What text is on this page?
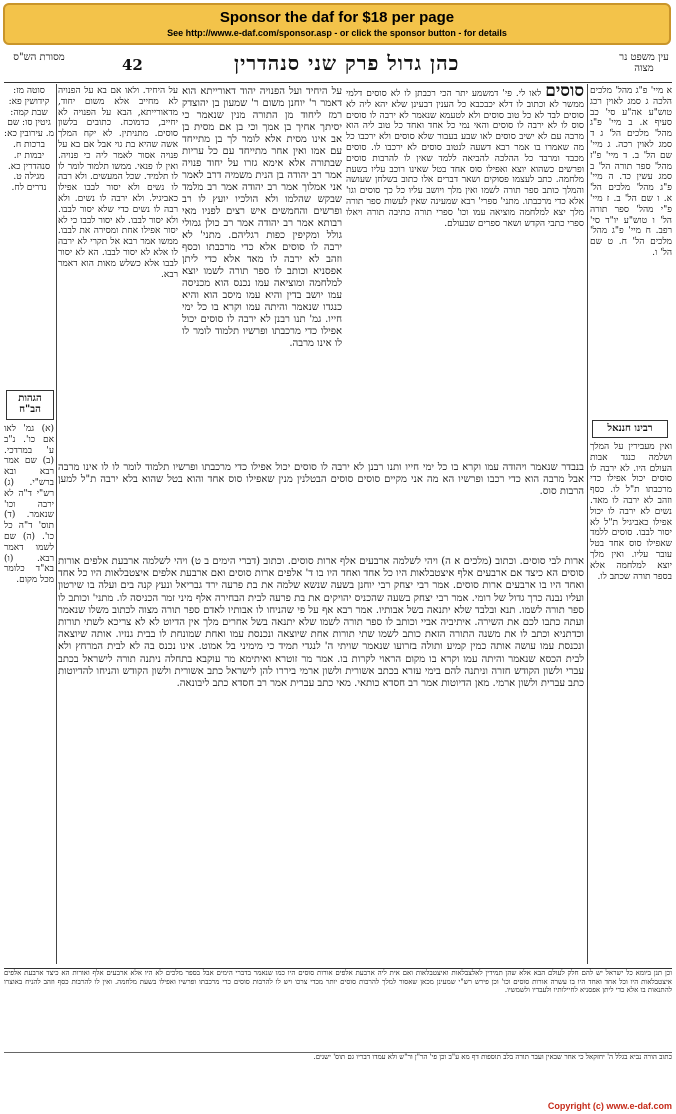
Sponsor the daf for $18 per page
See http://www.e-daf.com/sponsor.asp - or click the sponsor button - for details
עין משפט נר מצוה
42	כהן גדול פרק שני סנהדרין
מסורת הש"ס

א מיי' פ"ג מהל' מלכים הלכה ג סמג לאוין רכג טוש"ע אה"ע סי' כב סעיף א. ב מיי' פ"ג מהל' מלכים הל' ג ד סמג לאוין רכה. ג מיי' שם הל' ב. ד מיי' פ"ז מהל' ספר תורה הל' ב סמג עשין כד. ה מיי' פ"ג מהל' מלכים הל' א. ו שם הל' ב. ז מיי' פ"י מהל' ספר תורה הל' ו טוש"ע יו"ד סי' רפב. ח מיי' פ"ג מהל' מלכים הל' ח. ט שם הל' ו.

רבינו חננאל

ואין מעבירין על המלך ושלמה כנגד אבות העולם היו. לא ירבה לו סוסים יכול אפילו כדי מרכבתו ת"ל לו. כסף וזהב לא ירבה לו מאד. נשים לא ירבה לו יכול אפילו כאביגיל ת"ל לא יסור לבבו. סוסים ללמד שאפילו סוס אחד בטל עובר עליו. ואין מלך יוצא למלחמה אלא בספר תורה שכתב לו.

סוסים לאו לי. פי' דמשמע יתר הכי רכבתן לו לא סוסים דלמי ממשר לא וכתוב לו דלא יכבכבא כל הענין דבעינן שלא יהא ליה לא סוסים לבד לא כל טוב סוסים ולא לטעמא שנאמר לא ירבה לו סוסים סוס לו לא ירבה לו סוסים והאי נמי כל אחד ואחד כל טוב ליה הוא מרבה עם לא ישיב סוסים לאו שבע בעבור שלא סוסים ולא ירכבו כל מה שאמרו בו אמר רבא דשעה לנטוב סוסים לא ירכבו לו. סוסים מכבד ומרבד כל ההלכה להביאה ללמד שאין לו להרבות סוסים ופרשים כשהוא יוצא ואפילו סוס אחד בטל שאינו רוכב עליו בשעת מלחמה. כתב לעצמו פסוקים ושאר דברים אלו כתוב בשלחן שעושה והמלך כותב ספר תורה לשמו ואין מלך ויושב עליו כל כך סוסים וגו' אלא כדי מרכבתו. מתני' ספרי' רבא שמעינה שאין לעשות ספר תורה מלך יצא למלחמה מוציאה עמו וכו' ספרי תורה כתיבה תורה ויאלו ספרי כתבי הקדש ושאר ספרים שבעולם.

על היחיד ועל הפנויה יהוד דאורייתא הוא דאמר ר' יוחנן משום ר' שמעון בן יהוצדק רמז ליחוד מן התורה מנין שנאמר כי יסיתך אחיך בן אמך וכי בן אם מסית בן אב אינו מסית אלא לומר לך בן מתייחד עם אמו ואין אחר מתייחד עם כל עריות שבתורה אלא אימא גזרו על יחוד פנויה אמר רב יהודה בן הנית משמיה דרב לאמר אני אמלוך אמר רב יהודה אמר רב מלמד שבקש שהלמו ולא הולכיו יועץ לו רב ופרשים והחמשים איש רצים לפניו מאי רבותא אמר רב יהודה אמר רב כולן גמולי גולל ומקיפין כפות רגליהם. מתני' לא ירבה לו סוסים אלא כדי מרכבתו וכסף וזהב לא ירבה לו מאד אלא כדי ליתן אפסניא וכותב לו ספר תורה לשמו יוצא למלחמה ומוציאה עמו נכנס הוא מכניסה עמו יושב בדין והיא עמו מיסב הוא והיא כנגדו שנאמר והיתה עמו וקרא בו כל ימי חייו. גמ' תנו רבנן לא ירבה לו סוסים יכול אפילו כדי מרכבתו ופרשיו תלמוד לומר לו לו אינו מרבה.

על היחיד. ולאו אם בא על הפנויה לא מחייב אלא משום יחוד, מדאורייתא, הבא על הפנויה לא יחייב, כדמוכח. כתובים בלשון סוסים. מתניתין. לא יקח המלך אשה שהיא בת גוי אבל אם בא על פנויה אסור לאמר ליה כי פנויה. ואין לו פנאי. ממשו תלמוד לומר לו לו תלמיד. שכל המעשים. ולא רבה לו נשים ולא יסור לבבו אפילו כאביגיל. ולא ירבה לו נשים. ולא רבה לו נשים כדי שלא יסור לבבו. ולא יסור לבבו. לא יסור לבבו כי לא יסור אפילו אחת ומסירה את לבבו. ממשו אמר רבא אל תקרי לא ירבה לו אלא לא יסור לבבו. הא לא יסור לבבו אלא כשלש מאות הוא דאמר רבא.

סוטה מז: קידושין פא: שבת קמה: גיטין סו: שם מ. עירובין כא: ברכות ח. יבמות יז. סנהדרין כא. מגילה ט. נדרים לח.

הגהות הב"ח

(א) גמ' לאו אם כו'. נ"ב ע' במרדכי. (ב) שם אמר רבא ובא ברש"י. (ג) רש"י ד"ה לא ירבה וכו' שנאמר. (ד) תוס' ד"ה כל כו'. (ה) שם לשמו דאמר רבא. (ו) בא"ד כלומר מכל מקום.

בנבדר שנאמר ויהודה עמו וקרא בו כל ימי חייו ותנו רבנן לא ירבה לו סוסים יכול אפילו כדי מרכבתו ופרשיו תלמוד לומר לו לו אינו מרבה אבל מרבה הוא כדי רכבו ופרשיו הא מה אני מקיים סוסים סוסים הבטלנין מנין שאפילו סוס אחד והוא בטל שהוא בלא ירבה ת"ל למען הרבות סוס.

ארות לבי סוסים. וכתוב (מלכים א ה) ויהי לשלמה ארבעים אלף ארות סוסים. וכתוב (דברי הימים ב ט) ויהי לשלמה ארבעת אלפים אורות סוסים הא כיצד אם ארבעים אלף איצטבלאות היו כל אחד ואחד היו בו ד' אלפים ארות סוסים ואם ארבעת אלפים איצטבלאות היו כל אחד ואחד היו בו ארבעים ארות סוסים. אמר רבי יצחק רבי יוחנן בשעה שנשא שלמה את בת פרעה ירד גבריאל ונעץ קנה בים ועלה בו שירטון ועליו נבנה כרך גדול של רומי. אמר רבי יצחק בשעה שהכניס יהויקים את בת פרעה לבית הבחירה אלף מיני זמר הכניסה לו. מתני' וכותב לו ספר תורה לשמו. תנא ובלבד שלא יתנאה בשל אבותיו. אמר רבא אף על פי שהניחו לו אבותיו לאדם ספר תורה מצוה לכתוב משלו שנאמר ועתה כתבו לכם את השירה. איתיביה אביי וכותב לו ספר תורה לשמו שלא יתנאה בשל אחרים מלך אין הדיוט לא לא צריכא לשתי תורות וכדתניא וכתב לו את משנה התורה הזאת כותב לשמו שתי תורות אחת שיוצאה ונכנסת עמו ואחת שמונחת לו בבית גנזיו. אותה שיוצאה ונכנסת עמו עושה אותה כמין קמיע ותולה בזרועו שנאמר שויתי ה' לנגדי תמיד כי מימיני בל אמוט. אינו נכנס בה לא לבית המרחץ ולא לבית הכסא שנאמר והיתה עמו וקרא בו מקום הראוי לקרות בו. אמר מר זוטרא ואיתימא מר עוקבא בתחלה ניתנה תורה לישראל בכתב עברי ולשון הקודש חזרה וניתנה להם בימי עזרא בכתב אשורית ולשון ארמי ביררו להן לישראל כתב אשורית ולשון הקודש והניחו להדיוטות כתב עברית ולשון ארמי. מאן הדיוטות אמר רב חסדא כותאי. מאי כתב עברית אמר רב חסדא כתב ליבונאה.

וכן תנן ביומא כל ישראל יש להם חלק לעולם הבא אלא שהן תמידין לאלצבלאות ואיצטבלאות ואם אית ליה ארבעת אלפים אורות סוסים היו כמו שנאמר בדברי הימים אבל בספר מלכים לא היו אלא ארבעים אלף ואורות הא כיצד ארבעת אלפים איצטבלאות היו וכל אחד ואחד היו בו עשרה אורות סוסים וכו' וכן פירש רש"י שמעינן מכאן שאסור למלך להרבות סוסים יותר מכדי צרכו ויש לו להרבות סוסים כדי מרכבתו ופרשיו ואפילו בשעת מלחמה. ואין לו להרבות כסף וזהב להניח באוצרו להתנאות בו אלא כדי ליתן אפסניא לחיילותיו ולעבדיו ולשמשיו.
כתוב הורה נביא בגלל ה' יחזקאל כי אחר שבאין ועבר תורה בלב תוספות דף מא ע"ב וכן פי' הר"ן ור"ש ולא עמדו דבריו גם תוס' ישנים.
Copyright (c) www.e-daf.com
